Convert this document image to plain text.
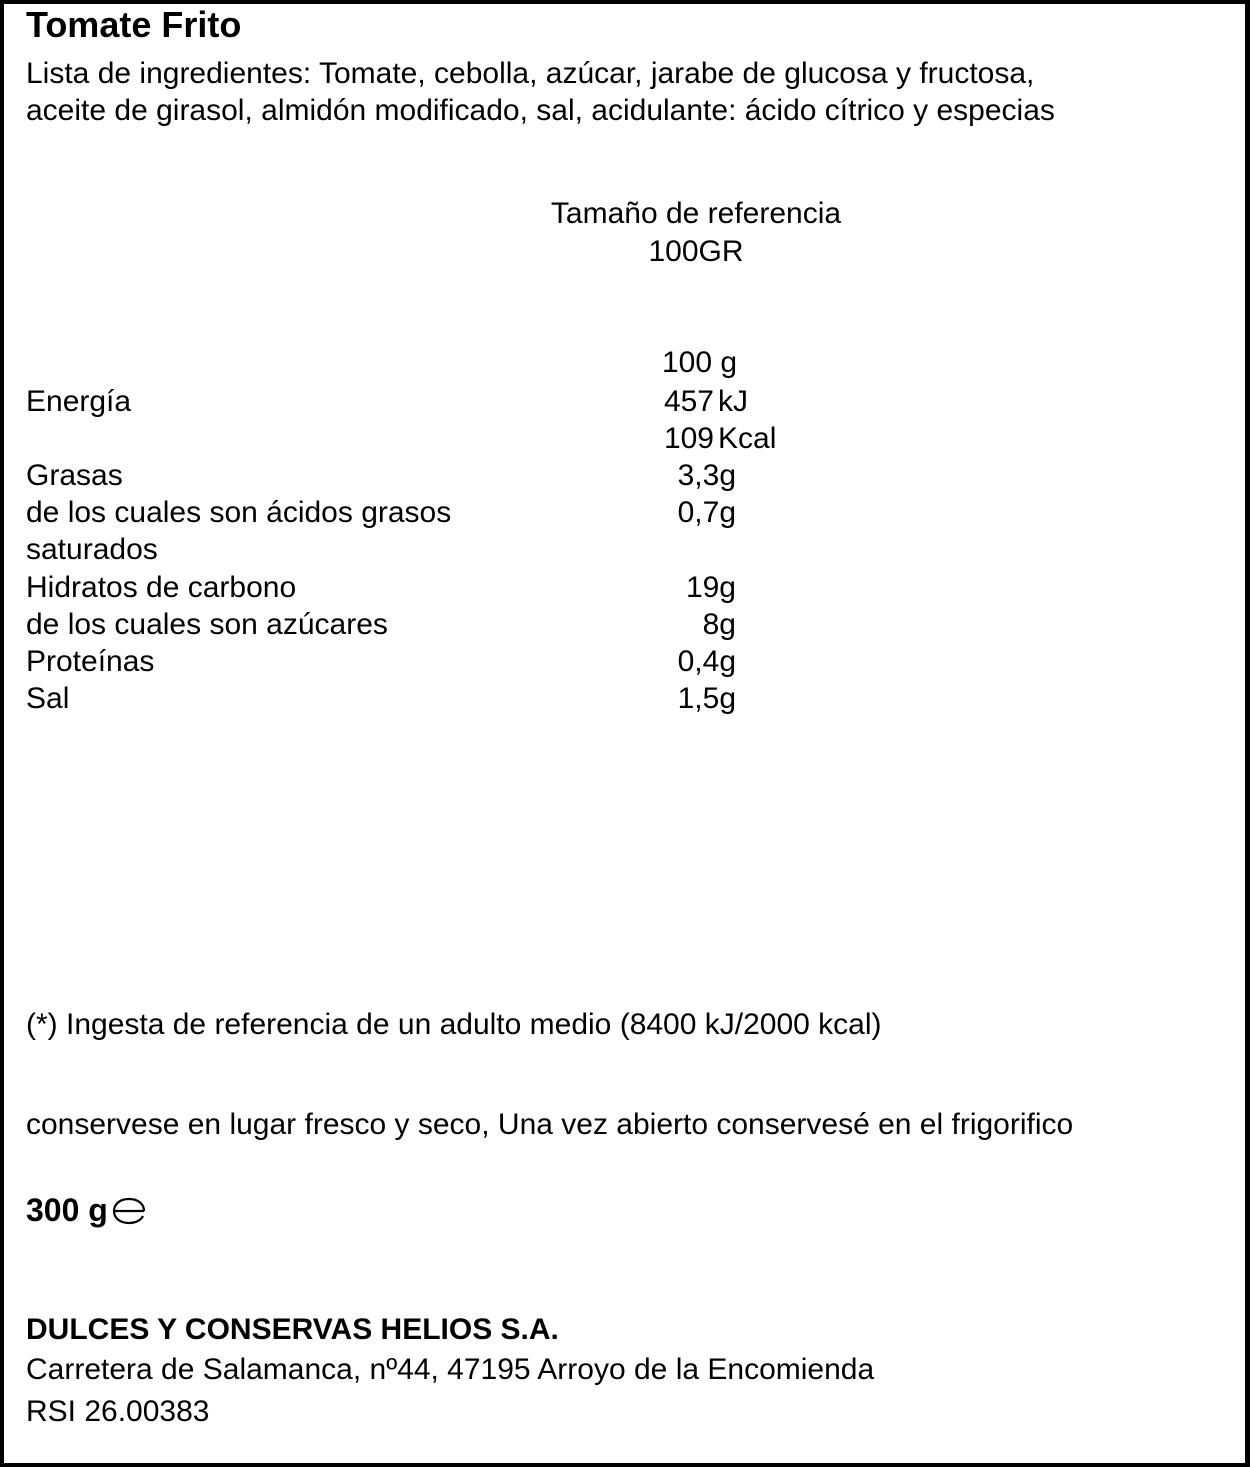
Tomate Frito
Lista de ingredientes: Tomate, cebolla, azúcar, jarabe de glucosa y fructosa,
aceite de girasol, almidón modificado, sal, acidulante: ácido cítrico y especias
Tamaño de referencia
100GR
100 g
Energía	457 kJ
109 Kcal
Grasas	3,3g
de los cuales son ácidos grasos	0,7g
saturados
Hidratos de carbono	19g
de los cuales son azúcares	8g
Proteínas	0,4g
Sal	1,5g
(*) Ingesta de referencia de un adulto medio (8400 kJ/2000 kcal)
conservese en lugar fresco y seco, Una vez abierto conservesé en el frigorifico
300 g
DULCES Y CONSERVAS HELIOS S.A.
Carretera de Salamanca, nº44, 47195 Arroyo de la Encomienda
RSI 26.00383
